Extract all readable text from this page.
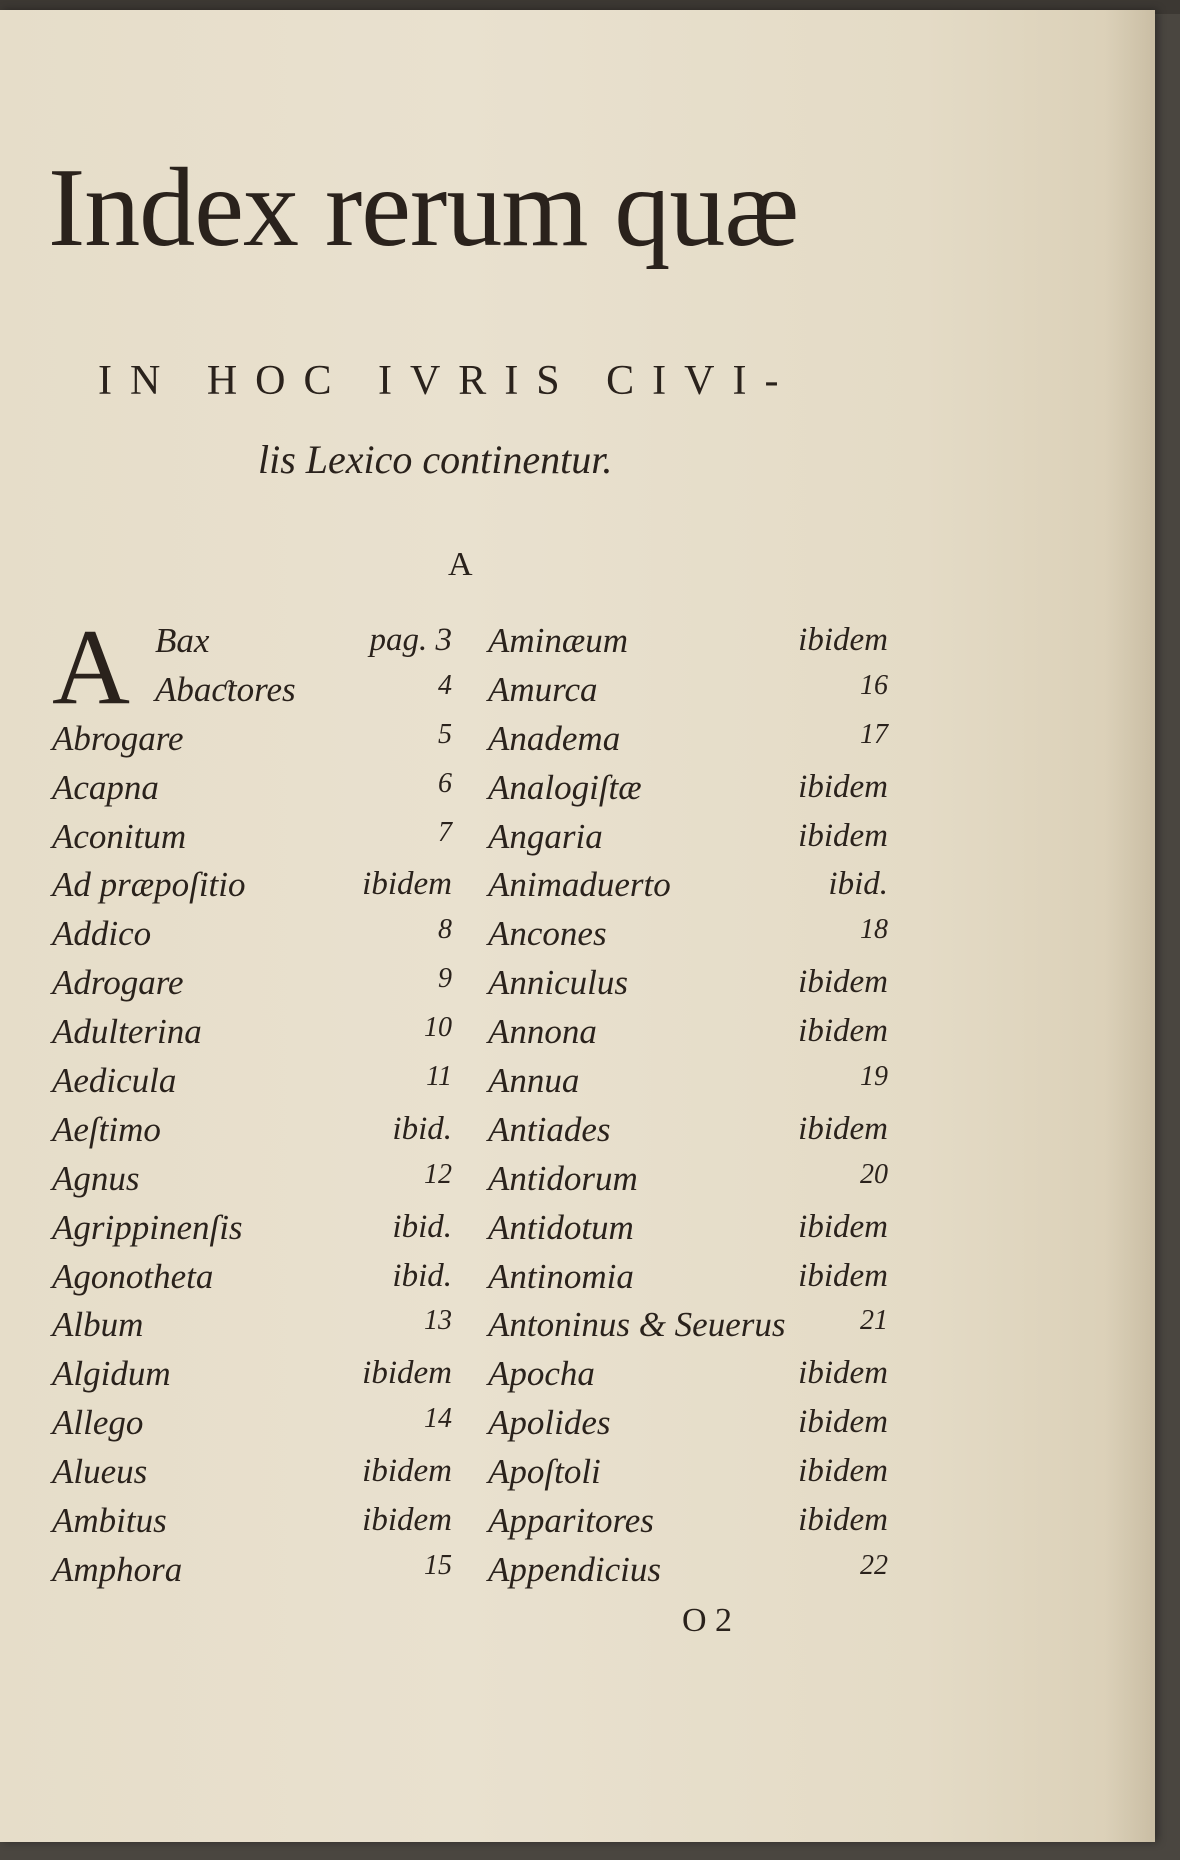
Index rerum quæ

IN HOC IVRIS CIVI-

lis Lexico continentur.

A

A Bax	pag. 3
Abaƈtores	4
Abrogare	5
Acapna	6
Aconitum	7
Ad præpoſitio	ibidem
Addico	8
Adrogare	9
Adulterina	10
Aedicula	11
Aeſtimo	ibid.
Agnus	12
Agrippinenſis	ibid.
Agonotheta	ibid.
Album	13
Algidum	ibidem
Allego	14
Alueus	ibidem
Ambitus	ibidem
Amphora	15
Aminæum	ibidem
Amurca	16
Anadema	17
Analogiſtæ	ibidem
Angaria	ibidem
Animaduerto	ibid.
Ancones	18
Anniculus	ibidem
Annona	ibidem
Annua	19
Antiades	ibidem
Antidorum	20
Antidotum	ibidem
Antinomia	ibidem
Antoninus & Seuerus	21
Apocha	ibidem
Apolides	ibidem
Apoſtoli	ibidem
Apparitores	ibidem
Appendicius	22

O 2
